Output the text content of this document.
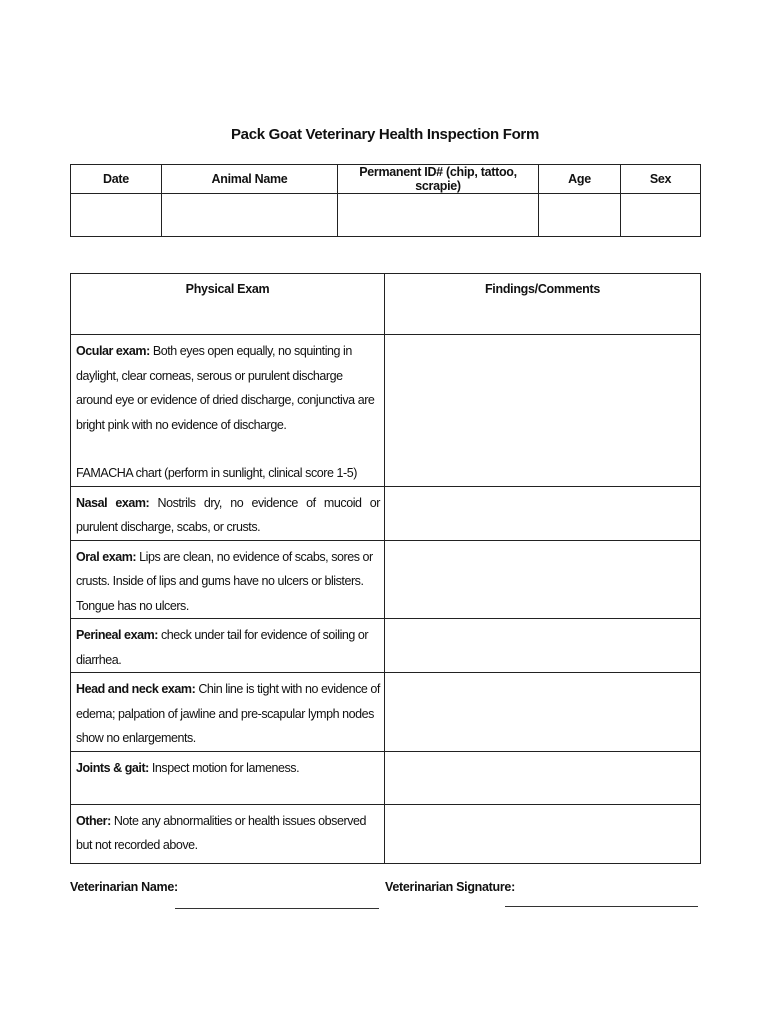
Pack Goat Veterinary Health Inspection Form
Date	Animal Name	Permanent ID# (chip, tattoo, scrapie)	Age	Sex

Physical Exam	Findings/Comments
Ocular exam: Both eyes open equally, no squinting in daylight, clear corneas, serous or purulent discharge around eye or evidence of dried discharge, conjunctiva are bright pink with no evidence of discharge.
FAMACHA chart (perform in sunlight, clinical score 1-5)	

Nasal exam: Nostrils dry, no evidence of mucoid or purulent discharge, scabs, or crusts.	
Oral exam: Lips are clean, no evidence of scabs, sores or crusts. Inside of lips and gums have no ulcers or blisters. Tongue has no ulcers.	
Perineal exam: check under tail for evidence of soiling or diarrhea.	
Head and neck exam: Chin line is tight with no evidence of edema; palpation of jawline and pre-scapular lymph nodes show no enlargements.	
Joints & gait: Inspect motion for lameness.	
Other: Note any abnormalities or health issues observed but not recorded above.	
Veterinarian Name:	Veterinarian Signature:
